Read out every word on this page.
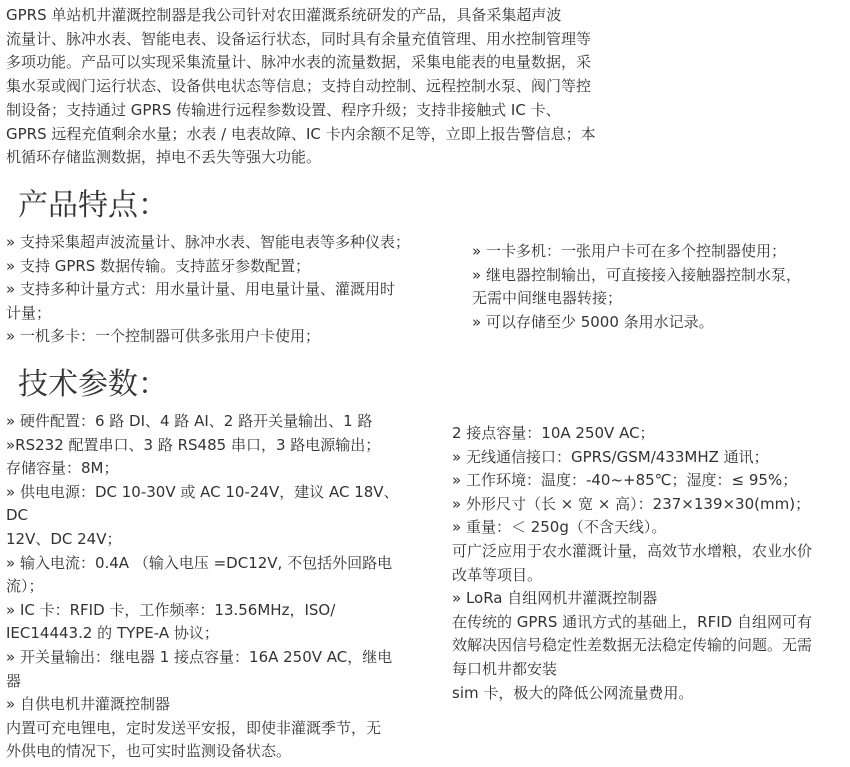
GPRS 单站机井灌溉控制器是我公司针对农田灌溉系统研发的产品，具备采集超声波
流量计、脉冲水表、智能电表、设备运行状态，同时具有余量充值管理、用水控制管理等
多项功能。产品可以实现采集流量计、脉冲水表的流量数据，采集电能表的电量数据，采
集水泵或阀门运行状态、设备供电状态等信息；支持自动控制、远程控制水泵、阀门等控
制设备；支持通过 GPRS 传输进行远程参数设置、程序升级；支持非接触式 IC 卡、
GPRS 远程充值剩余水量；水表 / 电表故障、IC 卡内余额不足等，立即上报告警信息；本
机循环存储监测数据，掉电不丢失等强大功能。
产品特点：
» 支持采集超声波流量计、脉冲水表、智能电表等多种仪表；
» 支持 GPRS 数据传输。支持蓝牙参数配置；
» 支持多种计量方式：用水量计量、用电量计量、灌溉用时
计量；
» 一机多卡：一个控制器可供多张用户卡使用；
» 一卡多机：一张用户卡可在多个控制器使用；
» 继电器控制输出，可直接接入接触器控制水泵，
无需中间继电器转接；
» 可以存储至少 5000 条用水记录。
技术参数：
» 硬件配置：6 路 DI、4 路 AI、2 路开关量输出、1 路
»RS232 配置串口、3 路 RS485 串口，3 路电源输出；
存储容量：8M；
» 供电电源：DC 10-30V 或 AC 10-24V，建议 AC 18V、
DC
12V、DC 24V；
» 输入电流：0.4A （输入电压 =DC12V, 不包括外回路电
流）；
» IC 卡：RFID 卡，工作频率：13.56MHz，ISO/
IEC14443.2 的 TYPE-A 协议；
» 开关量输出：继电器 1 接点容量：16A 250V AC，继电
器
» 自供电机井灌溉控制器
内置可充电锂电，定时发送平安报，即使非灌溉季节，无
外供电的情况下，也可实时监测设备状态。
2 接点容量：10A 250V AC；
» 无线通信接口：GPRS/GSM/433MHZ 通讯；
» 工作环境：温度：-40~+85℃；湿度：≤ 95%；
» 外形尺寸（长 × 宽 × 高）：237×139×30(mm)；
» 重量：＜ 250g（不含天线）。
可广泛应用于农水灌溉计量，高效节水增粮，农业水价
改革等项目。
» LoRa 自组网机井灌溉控制器
在传统的 GPRS 通讯方式的基础上，RFID 自组网可有
效解决因信号稳定性差数据无法稳定传输的问题。无需
每口机井都安装
sim 卡，极大的降低公网流量费用。
